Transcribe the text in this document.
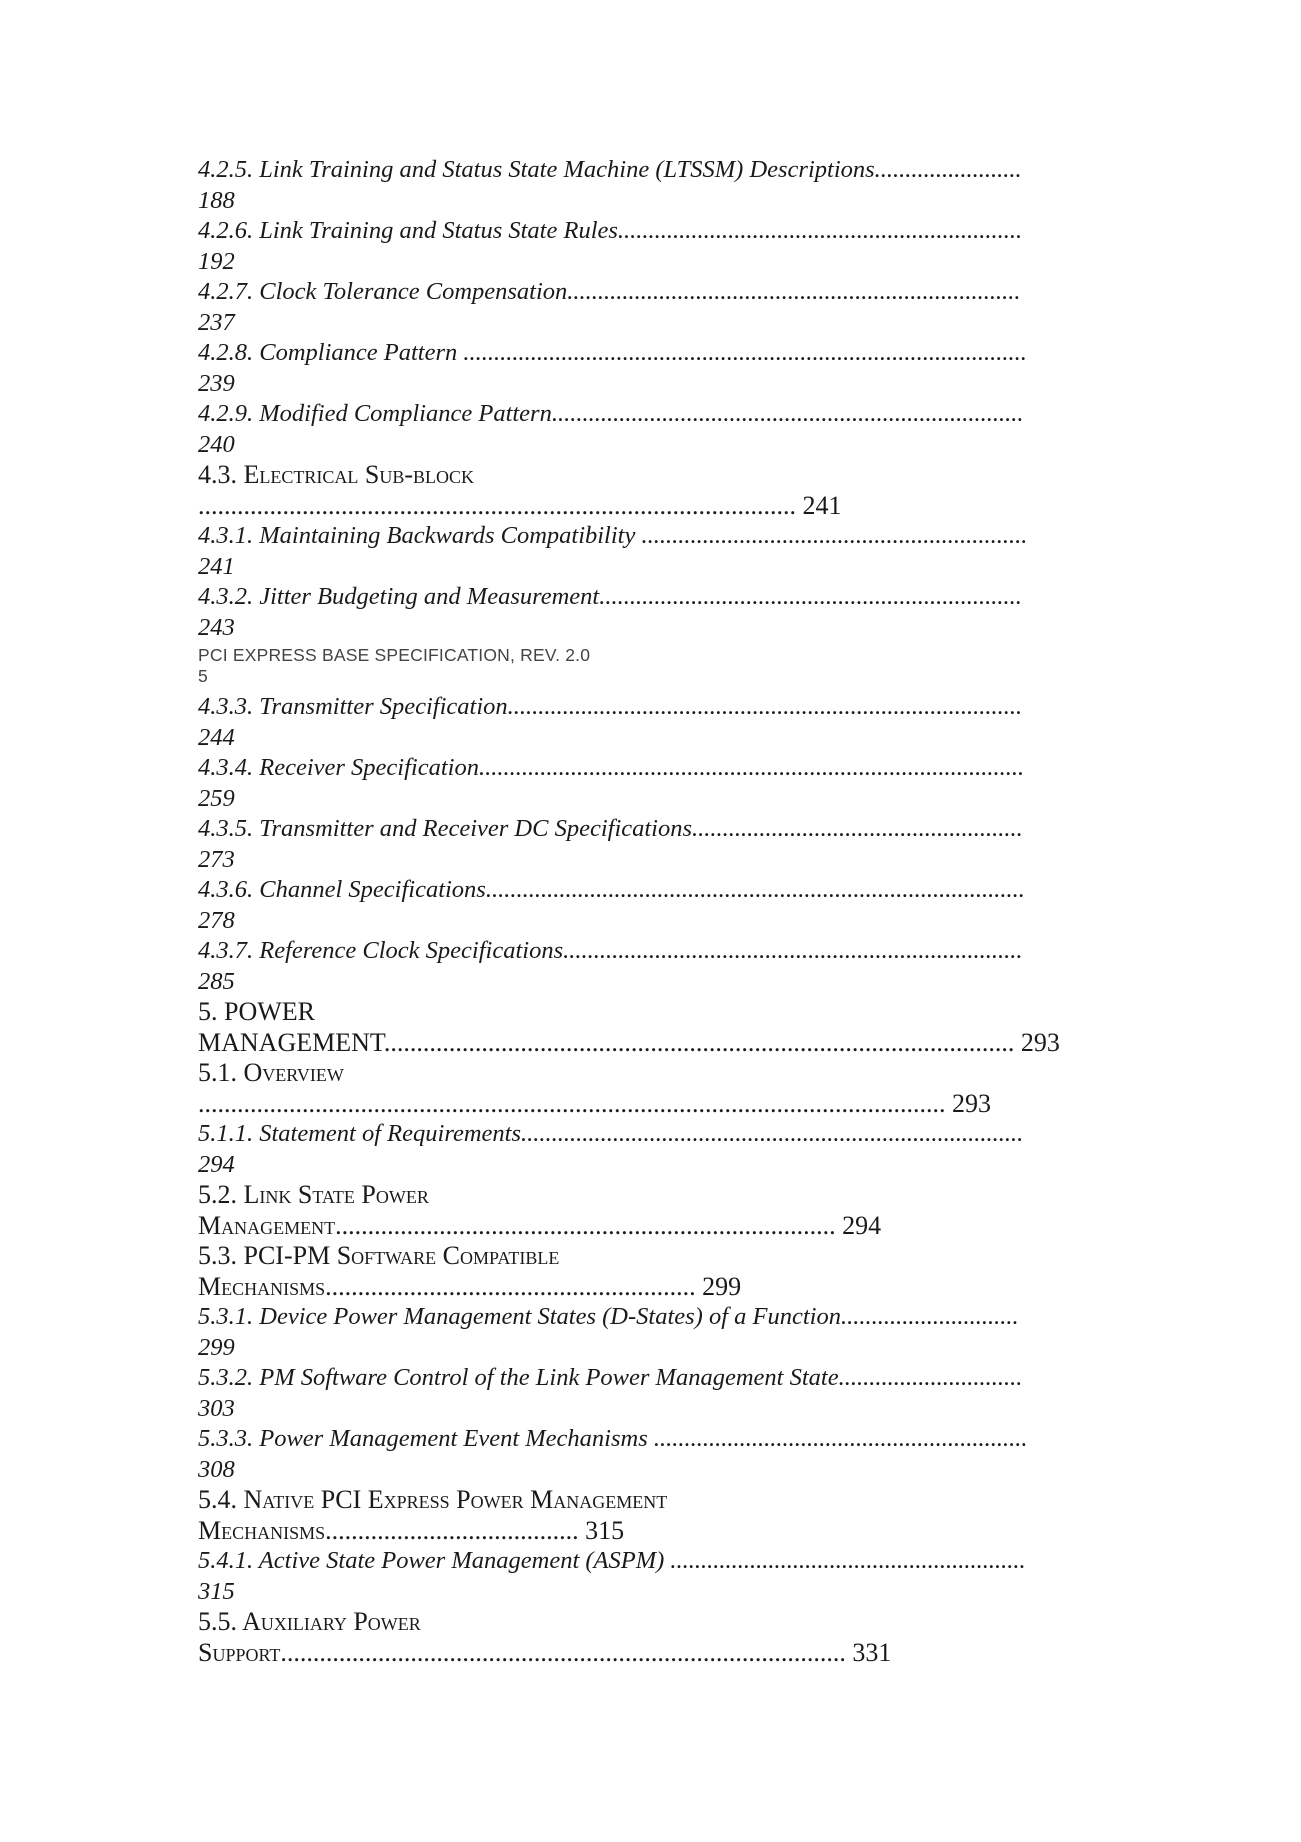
4.2.5. Link Training and Status State Machine (LTSSM) Descriptions........................
188
4.2.6. Link Training and Status State Rules..................................................................
192
4.2.7. Clock Tolerance Compensation..........................................................................
237
4.2.8. Compliance Pattern ............................................................................................
239
4.2.9. Modified Compliance Pattern.............................................................................
240
4.3. Electrical Sub-block
............................................................................................ 241
4.3.1. Maintaining Backwards Compatibility ...............................................................
241
4.3.2. Jitter Budgeting and Measurement.....................................................................
243
PCI EXPRESS BASE SPECIFICATION, REV. 2.0
5
4.3.3. Transmitter Specification....................................................................................
244
4.3.4. Receiver Specification.........................................................................................
259
4.3.5. Transmitter and Receiver DC Specifications......................................................
273
4.3.6. Channel Specifications........................................................................................
278
4.3.7. Reference Clock Specifications...........................................................................
285
5. POWER
MANAGEMENT................................................................................................. 293
5.1. Overview
................................................................................................................... 293
5.1.1. Statement of Requirements..................................................................................
294
5.2. Link State Power
Management............................................................................. 294
5.3. PCI-PM Software Compatible
Mechanisms......................................................... 299
5.3.1. Device Power Management States (D-States) of a Function.............................
299
5.3.2. PM Software Control of the Link Power Management State..............................
303
5.3.3. Power Management Event Mechanisms .............................................................
308
5.4. Native PCI Express Power Management
Mechanisms....................................... 315
5.4.1. Active State Power Management (ASPM) ..........................................................
315
5.5. Auxiliary Power
Support....................................................................................... 331
